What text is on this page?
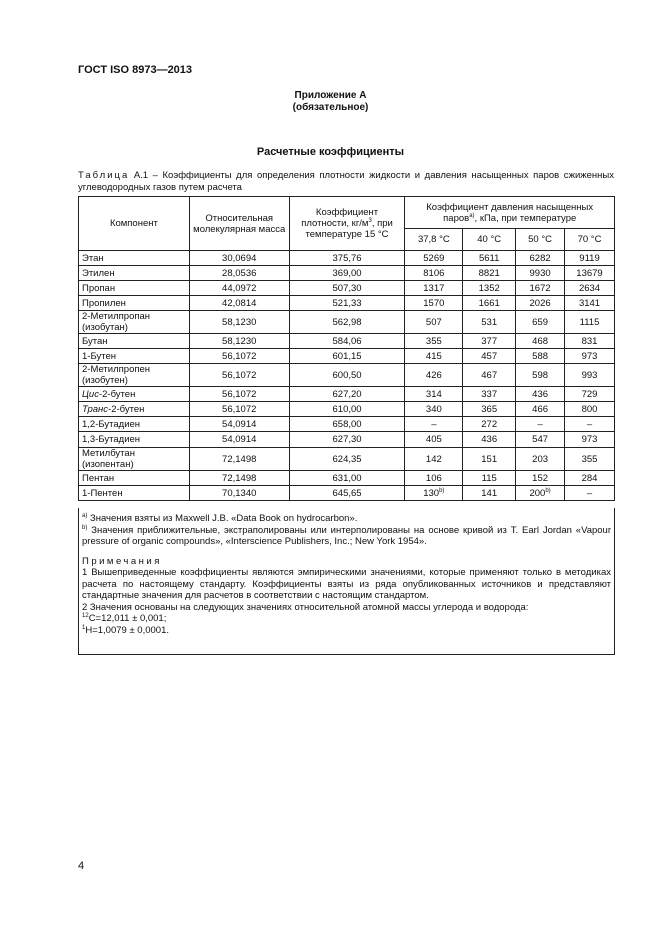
ГОСТ ISO 8973—2013
Приложение А
(обязательное)
Расчетные коэффициенты
Таблица А.1 – Коэффициенты для определения плотности жидкости и давления насыщенных паров сжиженных углеводородных газов путем расчета
Компонент	Относительная молекулярная масса	Коэффициент плотности, $кг/м^3$, при температуре 15 °С	Коэффициент давления насыщенных паров$^{а)}$, кПа, при температуре			
			37,8 °С	40 °С	50 °С	70 °С
Этан	30,0694	375,76	5269	5611	6282	9119
Этилен	28,0536	369,00	8106	8821	9930	13679
Пропан	44,0972	507,30	1317	1352	1672	2634
Пропилен	42,0814	521,33	1570	1661	2026	3141
2-Метилпропан
(изобутан)	58,1230	562,98	507	531	659	1115
Бутан	58,1230	584,06	355	377	468	831
1-Бутен	56,1072	601,15	415	457	588	973
2-Метилпропен
(изобутен)	56,1072	600,50	426	467	598	993
Цис-2-бутен	56,1072	627,20	314	337	436	729
Транс-2-бутен	56,1072	610,00	340	365	466	800
1,2-Бутадиен	54,0914	658,00	–	272	–	–
1,3-Бутадиен	54,0914	627,30	405	436	547	973
Метилбутан
(изопентан)	72,1498	624,35	142	151	203	355
Пентан	72,1498	631,00	106	115	152	284
1-Пентен	70,1340	645,65	130$^{b)}$	141	200$^{b)}$	–

$^{а)}$ Значения взяты из Maxwell J.B. «Data Book on hydrocarbon».

$^{b)}$ Значения приближительные, экстраполированы или интерполированы на основе кривой из T. Earl Jordan «Vapour pressure of organic compounds», «Interscience Publishers, Inc.; New York 1954».

Примечания

1 Вышеприведенные коэффициенты являются эмпирическими значениями, которые применяют только в методиках расчета по настоящему стандарту. Коэффициенты взяты из ряда опубликованных источников и представляют стандартные значения для расчетов в соответствии с настоящим стандартом.

2 Значения основаны на следующих значениях относительной атомной массы углерода и водорода:

$^{12}$C=12,011 ± 0,001;

$^1$H=1,0079 ± 0,0001.

4
